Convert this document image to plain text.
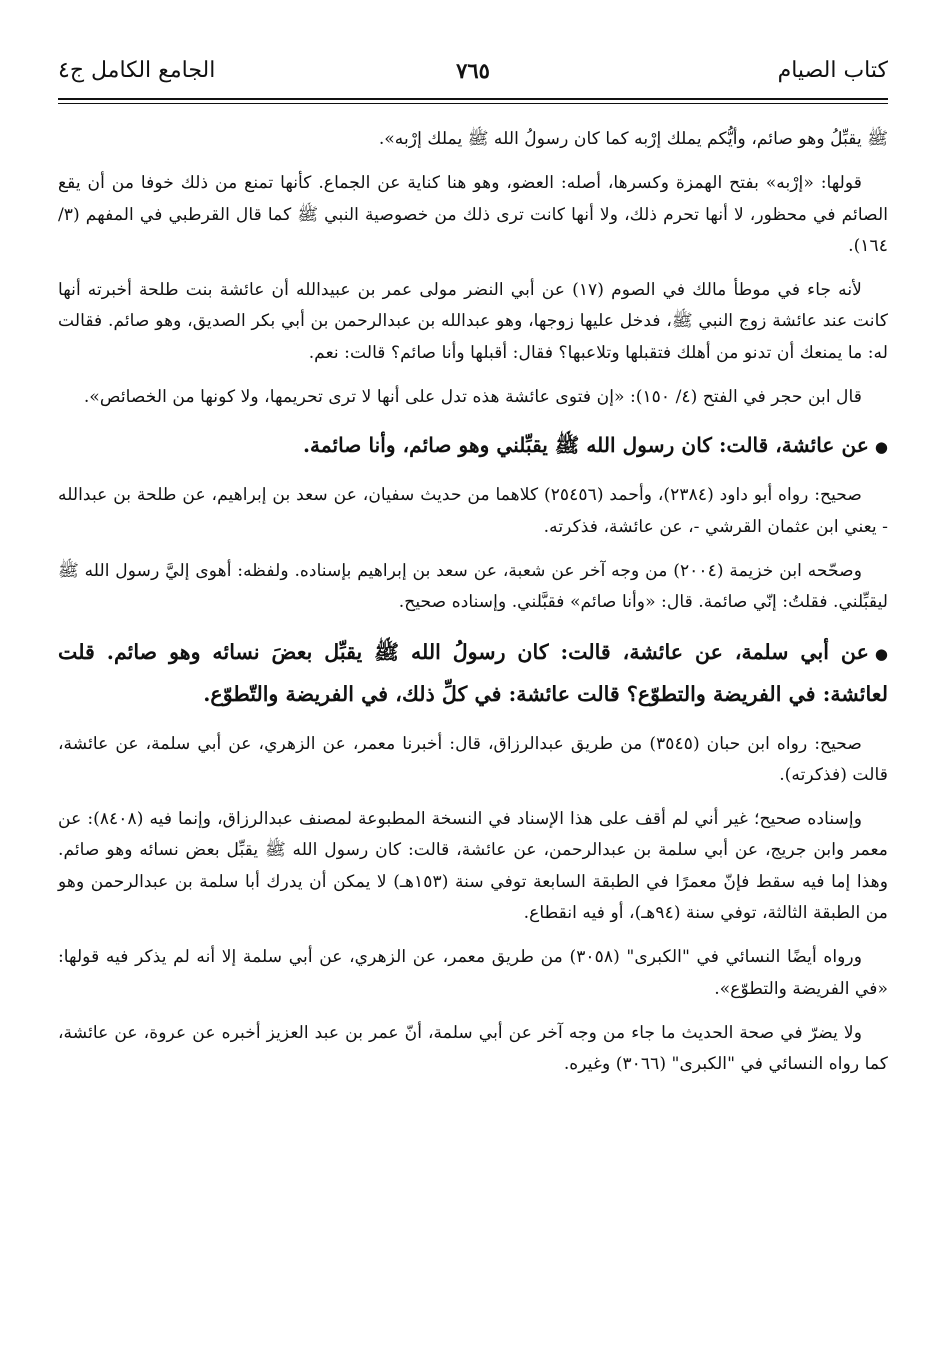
كتاب الصيام
٧٦٥
الجامع الكامل ج٤

ﷺ يقبِّلُ وهو صائم، وأيُّكم يملك إرْبه كما كان رسولُ الله ﷺ يملك إرْبه».

قولها: «إرْبه» بفتح الهمزة وكسرها، أصله: العضو، وهو هنا كناية عن الجماع. كأنها تمنع من ذلك خوفا من أن يقع الصائم في محظور، لا أنها تحرم ذلك، ولا أنها كانت ترى ذلك من خصوصية النبي ﷺ كما قال القرطبي في المفهم (٣/ ١٦٤).

لأنه جاء في موطأ مالك في الصوم (١٧) عن أبي النضر مولى عمر بن عبيدالله أن عائشة بنت طلحة أخبرته أنها كانت عند عائشة زوج النبي ﷺ، فدخل عليها زوجها، وهو عبدالله بن عبدالرحمن بن أبي بكر الصديق، وهو صائم. فقالت له: ما يمنعك أن تدنو من أهلك فتقبلها وتلاعبها؟ فقال: أقبلها وأنا صائم؟ قالت: نعم.

قال ابن حجر في الفتح (٤/ ١٥٠): «إن فتوى عائشة هذه تدل على أنها لا ترى تحريمها، ولا كونها من الخصائص».

●عن عائشة، قالت: كان رسول الله ﷺ يقبِّلني وهو صائم، وأنا صائمة.

صحيح: رواه أبو داود (٢٣٨٤)، وأحمد (٢٥٤٥٦) كلاهما من حديث سفيان، عن سعد بن إبراهيم، عن طلحة بن عبدالله - يعني ابن عثمان القرشي -، عن عائشة، فذكرته.

وصحّحه ابن خزيمة (٢٠٠٤) من وجه آخر عن شعبة، عن سعد بن إبراهيم بإسناده. ولفظه: أهوى إليَّ رسول الله ﷺ ليقبِّلني. فقلتُ: إنّي صائمة. قال: «وأنا صائم» فقبَّلني. وإسناده صحيح.

●عن أبي سلمة، عن عائشة، قالت: كان رسولُ الله ﷺ يقبِّل بعضَ نسائه وهو صائم. قلت لعائشة: في الفريضة والتطوّع؟ قالت عائشة: في كلِّ ذلك، في الفريضة والتّطوّع.

صحيح: رواه ابن حبان (٣٥٤٥) من طريق عبدالرزاق، قال: أخبرنا معمر، عن الزهري، عن أبي سلمة، عن عائشة، قالت (فذكرته).

وإسناده صحيح؛ غير أني لم أقف على هذا الإسناد في النسخة المطبوعة لمصنف عبدالرزاق، وإنما فيه (٨٤٠٨): عن معمر وابن جريج، عن أبي سلمة بن عبدالرحمن، عن عائشة، قالت: كان رسول الله ﷺ يقبِّل بعض نسائه وهو صائم. وهذا إما فيه سقط فإنّ معمرًا في الطبقة السابعة توفي سنة (١٥٣هـ) لا يمكن أن يدرك أبا سلمة بن عبدالرحمن وهو من الطبقة الثالثة، توفي سنة (٩٤هـ)، أو فيه انقطاع.

ورواه أيضًا النسائي في "الكبرى" (٣٠٥٨) من طريق معمر، عن الزهري، عن أبي سلمة إلا أنه لم يذكر فيه قولها: «في الفريضة والتطوّع».

ولا يضرّ في صحة الحديث ما جاء من وجه آخر عن أبي سلمة، أنّ عمر بن عبد العزيز أخبره عن عروة، عن عائشة، كما رواه النسائي في "الكبرى" (٣٠٦٦) وغيره.
